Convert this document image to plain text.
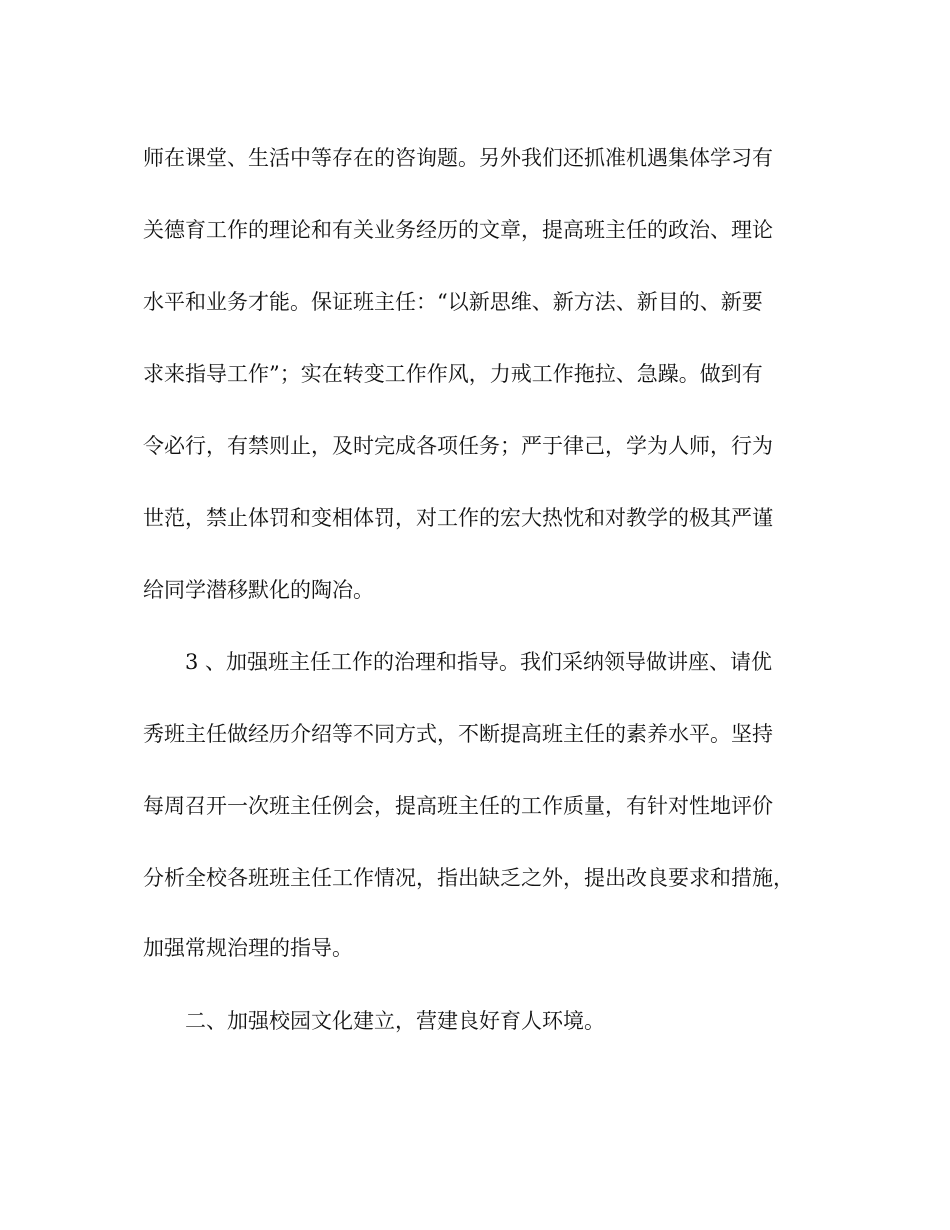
师在课堂、生活中等存在的咨询题。另外我们还抓准机遇集体学习有
关德育工作的理论和有关业务经历的文章，提高班主任的政治、理论
水平和业务才能。保证班主任：“以新思维、新方法、新目的、新要
求来指导工作”；实在转变工作作风，力戒工作拖拉、急躁。做到有
令必行，有禁则止，及时完成各项任务；严于律己，学为人师，行为
世范，禁止体罚和变相体罚，对工作的宏大热忱和对教学的极其严谨
给同学潜移默化的陶冶。
3 、加强班主任工作的治理和指导。我们采纳领导做讲座、请优
秀班主任做经历介绍等不同方式，不断提高班主任的素养水平。坚持
每周召开一次班主任例会，提高班主任的工作质量，有针对性地评价
分析全校各班班主任工作情况，指出缺乏之外，提出改良要求和措施，
加强常规治理的指导。
二、加强校园文化建立，营建良好育人环境。
